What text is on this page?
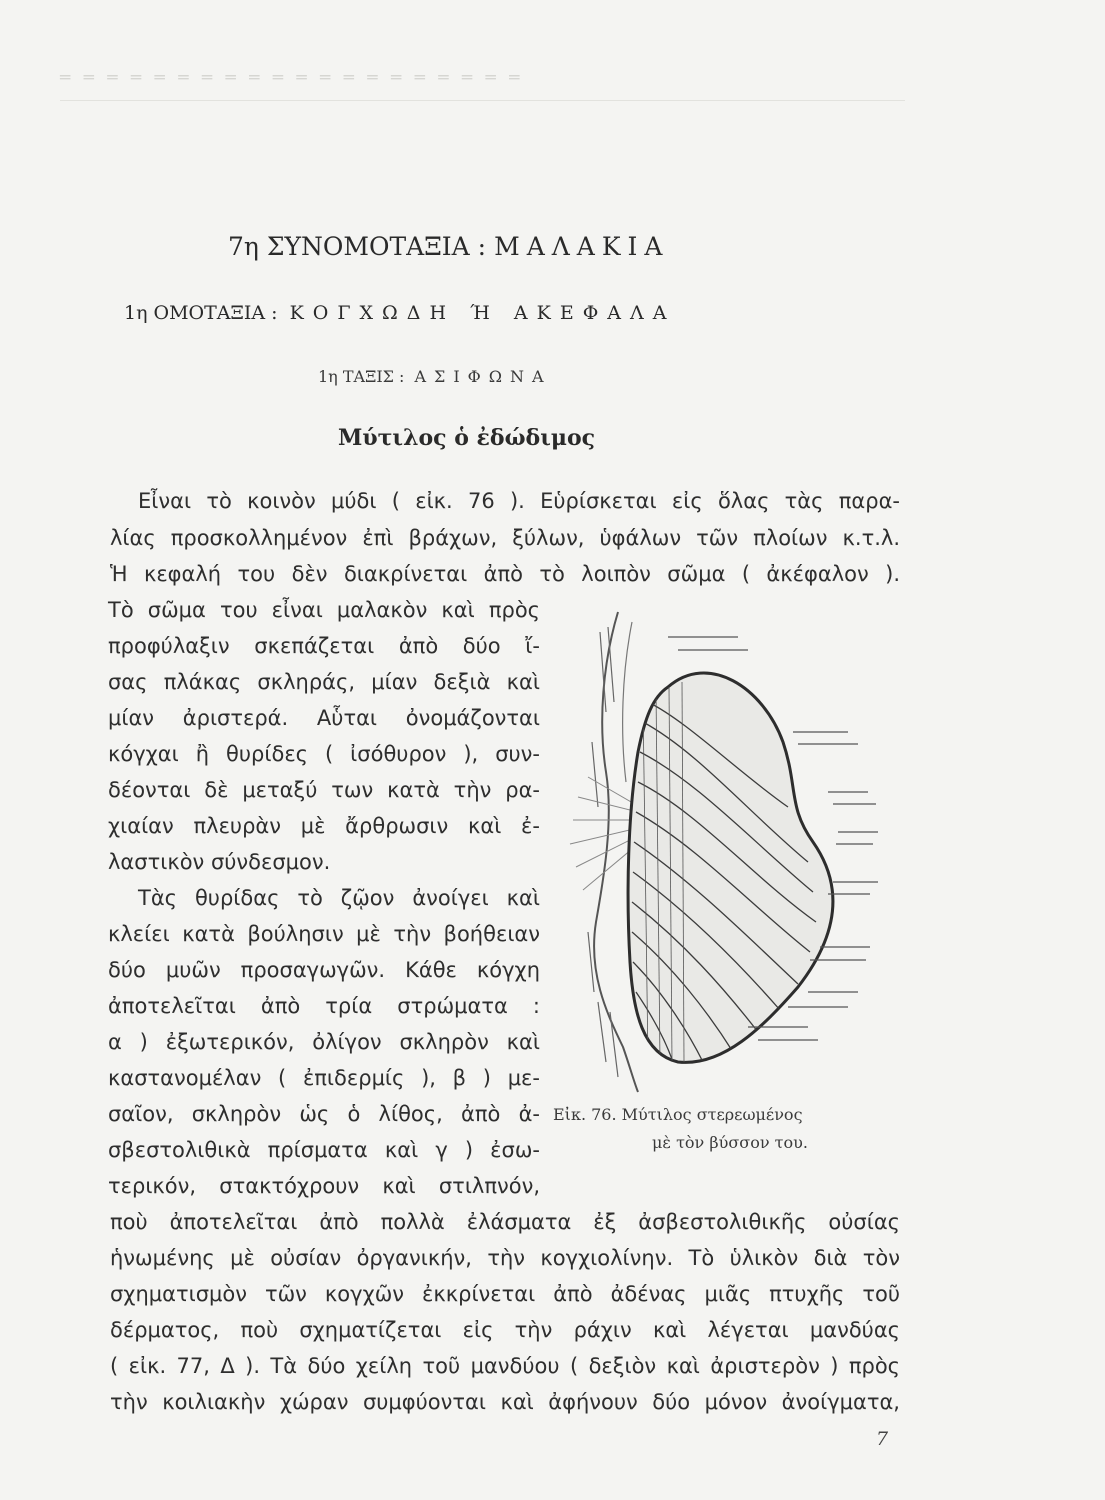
═ ═ ═ ═ ═ ═ ═ ═ ═ ═ ═ ═ ═ ═ ═ ═ ═ ═ ═ ═
7η ΣΥΝΟΜΟΤΑΞΙΑ : ΜΑΛΑΚΙΑ
1η ΟΜΟΤΑΞΙΑ : ΚΟΓΧΩΔΗ Ή ΑΚΕΦΑΛΑ
1η ΤΑΞΙΣ : ΑΣΙΦΩΝΑ
Μύτιλος ὁ ἐδώδιμος
Εἶναι τὸ κοινὸν μύδι ( εἰκ. 76 ). Εὑρίσκεται εἰς ὅλας τὰς παρα-
λίας προσκολλημένον ἐπὶ βράχων, ξύλων, ὑφάλων τῶν πλοίων κ.τ.λ.
Ἡ κεφαλή του δὲν διακρίνεται ἀπὸ τὸ λοιπὸν σῶμα ( ἀκέφαλον ).
Τὸ σῶμα του εἶναι μαλακὸν καὶ πρὸς
προφύλαξιν σκεπάζεται ἀπὸ δύο ἴ-
σας πλάκας σκληράς, μίαν δεξιὰ καὶ
μίαν ἀριστερά. Αὗται ὀνομάζονται
κόγχαι ἢ θυρίδες ( ἰσόθυρον ), συν-
δέονται δὲ μεταξύ των κατὰ τὴν ρα-
χιαίαν πλευρὰν μὲ ἄρθρωσιν καὶ ἐ-
λαστικὸν σύνδεσμον.
Τὰς θυρίδας τὸ ζῷον ἀνοίγει καὶ
κλείει κατὰ βούλησιν μὲ τὴν βοήθειαν
δύο μυῶν προσαγωγῶν. Κάθε κόγχη
ἀποτελεῖται ἀπὸ τρία στρώματα :
α ) ἐξωτερικόν, ὀλίγον σκληρὸν καὶ
καστανομέλαν ( ἐπιδερμίς ), β ) με-
σαῖον, σκληρὸν ὡς ὁ λίθος, ἀπὸ ἀ-
σβεστολιθικὰ πρίσματα καὶ γ ) ἐσω-
τερικόν, στακτόχρουν καὶ στιλπνόν,
ποὺ ἀποτελεῖται ἀπὸ πολλὰ ἐλάσματα ἐξ ἀσβεστολιθικῆς οὐσίας
ἡνωμένης μὲ οὐσίαν ὀργανικήν, τὴν κογχιολίνην. Τὸ ὑλικὸν διὰ τὸν
σχηματισμὸν τῶν κογχῶν ἐκκρίνεται ἀπὸ ἀδένας μιᾶς πτυχῆς τοῦ
δέρματος, ποὺ σχηματίζεται εἰς τὴν ράχιν καὶ λέγεται μανδύας
( εἰκ. 77, Δ ). Τὰ δύο χείλη τοῦ μανδύου ( δεξιὸν καὶ ἀριστερὸν ) πρὸς
τὴν κοιλιακὴν χώραν συμφύονται καὶ ἀφήνουν δύο μόνον ἀνοίγματα,
Εἰκ. 76. Μύτιλος στερεωμένος
μὲ τὸν βύσσον του.
7
